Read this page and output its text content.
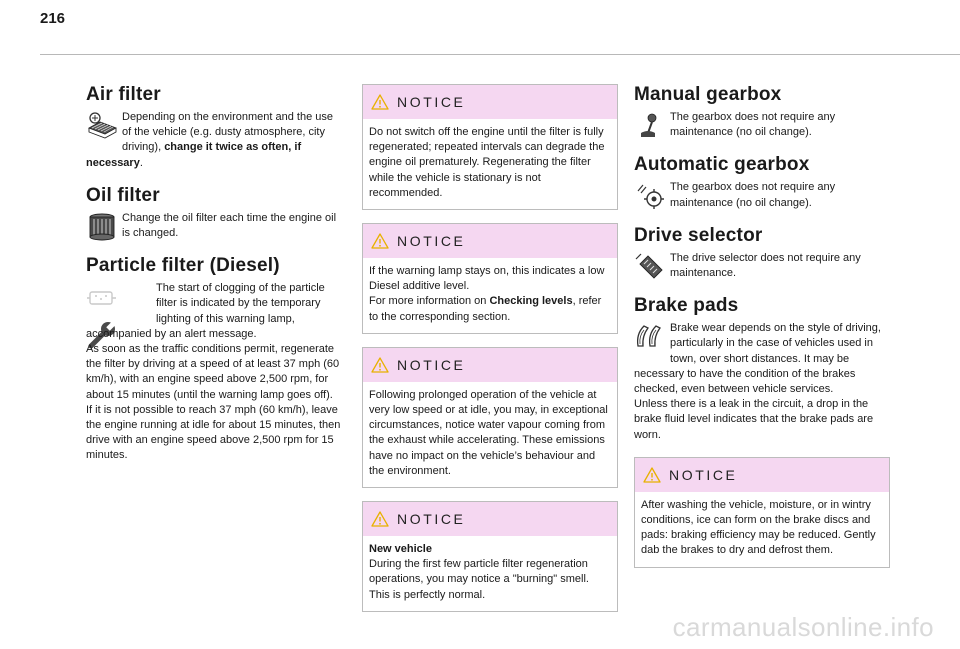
216
Air filter

Depending on the environment and the use of the vehicle (e.g. dusty atmosphere, city driving), change it twice as often, if necessary.

Oil filter

Change the oil filter each time the engine oil is changed.

Particle filter (Diesel)

The start of clogging of the particle filter is indicated by the temporary lighting of this warning lamp, accompanied by an alert message.

As soon as the traffic conditions permit, regenerate the filter by driving at a speed of at least 37 mph (60 km/h), with an engine speed above 2,500 rpm, for about 15 minutes (until the warning lamp goes off).

If it is not possible to reach 37 mph (60 km/h), leave the engine running at idle for about 15 minutes, then drive with an engine speed above 2,500 rpm for 15 minutes.

NOTICE
Do not switch off the engine until the filter is fully regenerated; repeated intervals can degrade the engine oil prematurely. Regenerating the filter while the vehicle is stationary is not recommended.
NOTICE
If the warning lamp stays on, this indicates a low Diesel additive level.
For more information on Checking levels, refer to the corresponding section.
NOTICE
Following prolonged operation of the vehicle at very low speed or at idle, you may, in exceptional circumstances, notice water vapour coming from the exhaust while accelerating. These emissions have no impact on the vehicle’s behaviour and the environment.
NOTICE
New vehicle
During the first few particle filter regeneration operations, you may notice a "burning" smell. This is perfectly normal.
Manual gearbox

The gearbox does not require any maintenance (no oil change).

Automatic gearbox

The gearbox does not require any maintenance (no oil change).

Drive selector

The drive selector does not require any maintenance.

Brake pads

Brake wear depends on the style of driving, particularly in the case of vehicles used in town, over short distances. It may be necessary to have the condition of the brakes checked, even between vehicle services.

Unless there is a leak in the circuit, a drop in the brake fluid level indicates that the brake pads are worn.

NOTICE
After washing the vehicle, moisture, or in wintry conditions, ice can form on the brake discs and pads: braking efficiency may be reduced. Gently dab the brakes to dry and defrost them.
carmanualsonline.info
